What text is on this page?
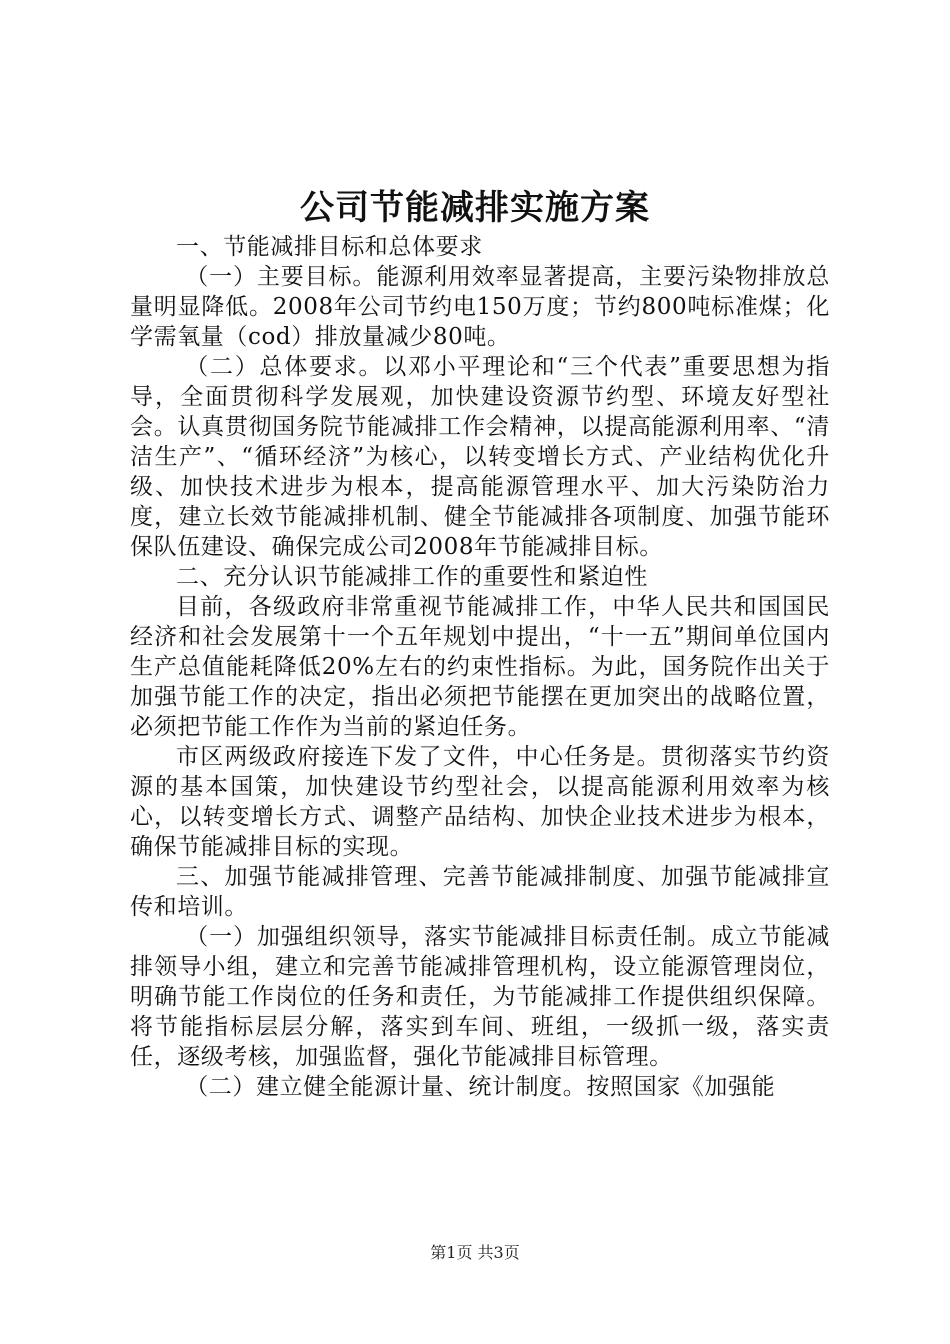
公司节能减排实施方案

一、节能减排目标和总体要求

（一）主要目标。能源利用效率显著提高，主要污染物排放总量明显降低。2008年公司节约电150万度；节约800吨标准煤；化学需氧量（cod）排放量减少80吨。

（二）总体要求。以邓小平理论和“三个代表”重要思想为指导，全面贯彻科学发展观，加快建设资源节约型、环境友好型社会。认真贯彻国务院节能减排工作会精神，以提高能源利用率、“清洁生产”、“循环经济”为核心，以转变增长方式、产业结构优化升级、加快技术进步为根本，提高能源管理水平、加大污染防治力度，建立长效节能减排机制、健全节能减排各项制度、加强节能环保队伍建设、确保完成公司2008年节能减排目标。

二、充分认识节能减排工作的重要性和紧迫性

目前，各级政府非常重视节能减排工作，中华人民共和国国民经济和社会发展第十一个五年规划中提出，“十一五”期间单位国内生产总值能耗降低20%左右的约束性指标。为此，国务院作出关于加强节能工作的决定，指出必须把节能摆在更加突出的战略位置，必须把节能工作作为当前的紧迫任务。

市区两级政府接连下发了文件，中心任务是。贯彻落实节约资源的基本国策，加快建设节约型社会，以提高能源利用效率为核心，以转变增长方式、调整产品结构、加快企业技术进步为根本，确保节能减排目标的实现。

三、加强节能减排管理、完善节能减排制度、加强节能减排宣传和培训。

（一）加强组织领导，落实节能减排目标责任制。成立节能减排领导小组，建立和完善节能减排管理机构，设立能源管理岗位，明确节能工作岗位的任务和责任，为节能减排工作提供组织保障。将节能指标层层分解，落实到车间、班组，一级抓一级，落实责任，逐级考核，加强监督，强化节能减排目标管理。

（二）建立健全能源计量、统计制度。按照国家《加强能

第1页 共3页
